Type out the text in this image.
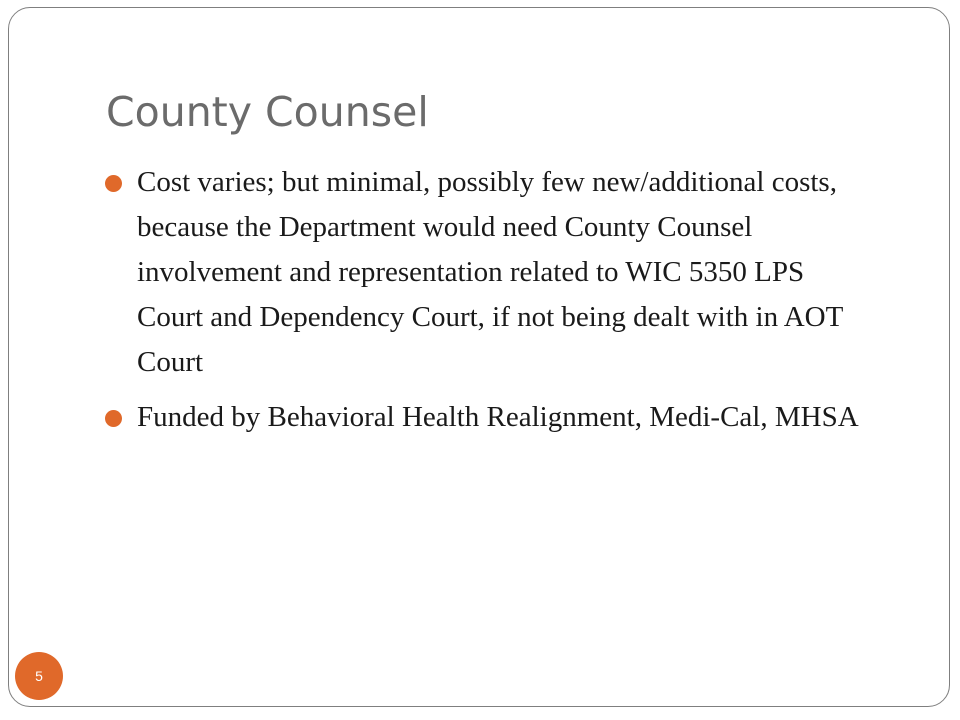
County Counsel
Cost varies; but minimal, possibly few new/additional costs, because the Department would need County Counsel involvement and representation related to WIC 5350 LPS Court and Dependency Court, if not being dealt with in AOT Court
Funded by Behavioral Health Realignment, Medi-Cal, MHSA
5
